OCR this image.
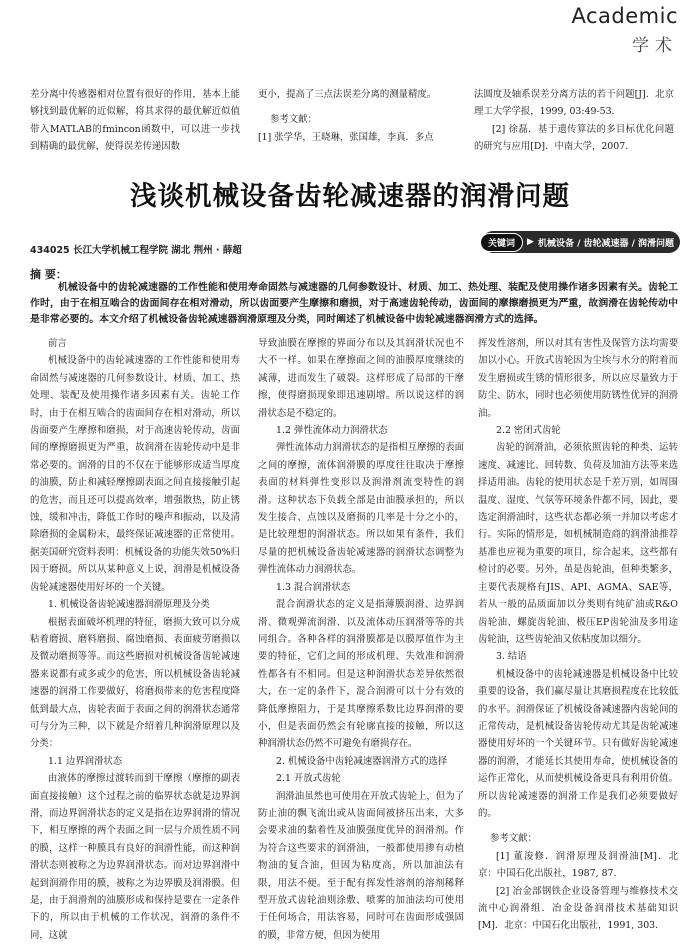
Academic
学术

差分离中传感器相对位置有很好的作用，基本上能够找到最优解的近似解，将其求得的最优解近似值带入MATLAB的fmincon函数中，可以进一步找到精确的最优解，使得误差传递因数

更小，提高了三点法误差分离的测量精度。

参考文献：

[1] 张学华，王晓琳，张国雄，李真．多点

法圆度及轴系误差分离方法的若干问题[J]．北京理工大学学报，1999, 03:49-53.

[2] 徐磊．基于遗传算法的多目标优化问题的研究与应用[D]．中南大学，2007.

浅谈机械设备齿轮减速器的润滑问题
434025 长江大学机械工程学院 湖北 荆州 · 薛超
关键词	▶ 机械设备 / 齿轮减速器 / 润滑问题
摘 要：
机械设备中的齿轮减速器的工作性能和使用寿命固然与减速器的几何参数设计、材质、加工、热处理、装配及使用操作诸多因素有关。齿轮工作时，由于在相互啮合的齿面间存在相对滑动，所以齿面要产生摩擦和磨损，对于高速齿轮传动，齿面间的摩擦磨损更为严重，故润滑在齿轮传动中是非常必要的。本文介绍了机械设备齿轮减速器润滑原理及分类，同时阐述了机械设备中齿轮减速器润滑方式的选择。

前言

机械设备中的齿轮减速器的工作性能和使用寿命固然与减速器的几何参数设计、材质、加工、热处理、装配及使用操作诸多因素有关。齿轮工作时，由于在相互啮合的齿面间存在相对滑动，所以齿面要产生摩擦和磨损，对于高速齿轮传动，齿面间的摩擦磨损更为严重，故润滑在齿轮传动中是非常必要的。润滑的目的不仅在于能够形成适当厚度的油膜，防止和减轻摩擦副表面之间直接接触引起的危害，而且还可以提高效率，增强散热，防止锈蚀，缓和冲击，降低工作时的噪声和振动，以及清除磨损的金属粉末，最终保证减速器的正常使用。据美国研究资料表明：机械设备的功能失效50%归因于磨损。所以从某种意义上说，润滑是机械设备齿轮减速器使用好坏的一个关键。

1. 机械设备齿轮减速器润滑原理及分类

根据表面破坏机理的特征，磨损大致可以分成粘着磨损、磨料磨损、腐蚀磨损、表面疲劳磨损以及微动磨损等等。而这些磨损对机械设备齿轮减速器来说都有或多或少的危害，所以机械设备齿轮减速器的润滑工作要做好，将磨损带来的危害程度降低到最大点，齿轮表面于表面之间的润滑状态通常可与分为三种，以下就是介绍着几种润滑原理以及分类：

1.1 边界润滑状态

由液体的摩擦过渡转而到干摩擦（摩擦的副表面直接接触）这个过程之前的临界状态就是边界润滑，而边界润滑状态的定义是指在边界润滑的情况下，相互摩擦的两个表面之间一层与介质性质不同的膜，这样一种膜具有良好的润滑性能，而这种润滑状态则被称之为边界润滑状态。而对边界润滑中起到润滑作用的膜，被称之为边界膜及润滑膜。但是，由于润滑剂的油膜形成和保持是要在一定条件下的，所以由于机械的工作状况，润滑的条件不同，这就

导致油膜在摩擦的界面分布以及其润滑状况也不大不一样。如果在摩擦面之间的油膜厚度继续的减薄，进而发生了破裂。这样形成了局部的干摩擦，使得磨损现象即迅速剧增。所以说这样的润滑状态是不稳定的。

1.2 弹性流体动力润滑状态

弹性流体动力润滑状态的是指相互摩擦的表面之间的摩擦，流体润滑膜的厚度往往取决于摩擦表面的材料弹性变形以及润滑剂流变特性的润滑。这种状态下负载全部是由油膜承担的，所以发生接合、点蚀以及磨损的几率是十分之小的，是比较理想的润滑状态。所以如果有条件，我们尽量的把机械设备齿轮减速器的润滑状态调整为弹性流体动力润滑状态。

1.3 混合润滑状态

混合润滑状态的定义是指薄膜润滑、边界润滑、微观弹流润滑、以及流体动压润滑等等的共同组合。各种各样的润滑膜都是以膜厚值作为主要的特征，它们之间的形成机理、失效准和润滑性都各有不相同。但是这种润滑状态差异依然很大，在一定的条件下，混合润滑可以十分有效的降低摩擦阻力，于是其摩擦系数比边界润滑的要小，但是表面仍然会有轮廓直接的接触，所以这种润滑状态仍然不可避免有磨损存在。

2. 机械设备中齿轮减速器润滑方式的选择

2.1 开放式齿轮

润滑油虽然也可使用在开放式齿轮上，但为了防止油的飘飞流出或从齿面间被挤压出来，大多会要求油的黏着性及油膜强度优异的润滑剂。作为符合这些要求的润滑油，一般都使用掺有动植物油的复合油，但因为粘度高，所以加油法有限，用法不便。至于配有挥发性溶剂的溶剂稀释型开放式齿轮油则涂敷、喷雾的加油法均可使用于任何场合，用法容易，同时可在齿面形成强固的膜，非常方便，但因为使用

挥发性溶剂，所以对其有害性及保管方法均需要加以小心。开放式齿轮因为尘埃与水分的附着而发生磨损或生锈的情形很多，所以应尽量致力于防尘、防水，同时也必须使用防锈性优异的润滑油。

2.2 密闭式齿轮

齿轮的润滑油，必须依照齿轮的种类、运转速度、减速比、回转数、负荷及加油方法等来选择适用油。齿轮的使用状态是千差万别，如周围温度、湿度、气氛等环境条件都不同，因此，要选定润滑油时，这些状态都必须一并加以考虑才行。实际的情形是，如机械制造商的润滑油推荐基准也应视为重要的项目，综合起来，这些都有检讨的必要。另外，虽是齿轮油，但种类繁多，主要代表规格有JIS、API、AGMA、SAE等，若从一般的品质面加以分类则有纯矿油或R&O齿轮油、螺旋齿轮油、极压EP齿轮油及多用途齿轮油，这些齿轮油又依粘度加以细分。

3. 结语

机械设备中的齿轮减速器是机械设备中比较重要的设备，我们赢尽量让其磨损程度在比较低的水平。润滑保证了机械设备减速器内齿轮间的正常传动，是机械设备齿轮传动尤其是齿轮减速器使用好坏的一个关键环节。只有做好齿轮减速器的润滑，才能延长其使用寿命，使机械设备的运作正常化，从而使机械设备更具有利用价值。所以齿轮减速器的润滑工作是我们必须要做好的。

参考文献：

[1] 董浚修．润滑原理及润滑油[M]．北京：中国石化出版社，1987, 87.

[2] 冶金部钢铁企业设备管理与维修技术交流中心润滑组．冶金设备润滑技术基础知识[M]．北京：中国石化出版社，1991, 303.
